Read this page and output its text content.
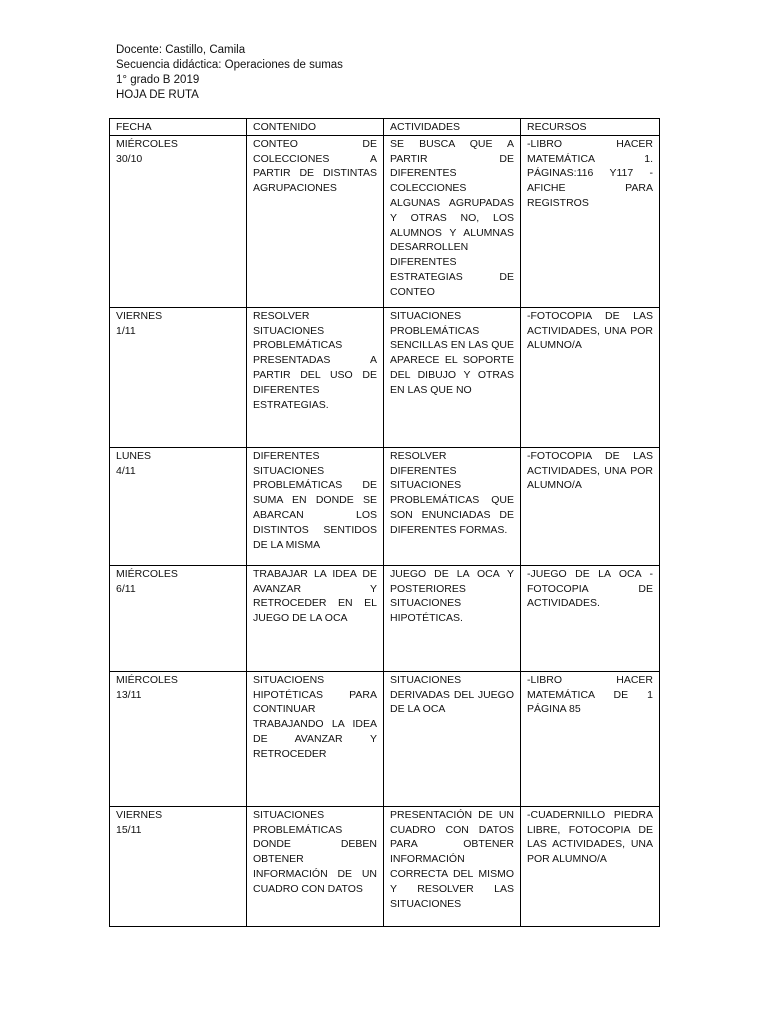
Docente: Castillo, Camila
Secuencia didáctica: Operaciones de sumas
1° grado B 2019
HOJA DE RUTA
FECHA	CONTENIDO	ACTIVIDADES	RECURSOS

MIÉRCOLES
30/10	CONTEO DE COLECCIONES A PARTIR DE DISTINTAS AGRUPACIONES	SE BUSCA QUE A PARTIR DE DIFERENTES COLECCIONES ALGUNAS AGRUPADAS Y OTRAS NO, LOS ALUMNOS Y ALUMNAS DESARROLLEN DIFERENTES ESTRATEGIAS DE CONTEO	-LIBRO HACER MATEMÁTICA 1. PÁGINAS:116 Y117 -AFICHE PARA REGISTROS

VIERNES
1/11	RESOLVER SITUACIONES PROBLEMÁTICAS PRESENTADAS A PARTIR DEL USO DE DIFERENTES ESTRATEGIAS.	SITUACIONES PROBLEMÁTICAS SENCILLAS EN LAS QUE APARECE EL SOPORTE DEL DIBUJO Y OTRAS EN LAS QUE NO	-FOTOCOPIA DE LAS ACTIVIDADES, UNA POR ALUMNO/A

LUNES
4/11	DIFERENTES SITUACIONES PROBLEMÁTICAS DE SUMA EN DONDE SE ABARCAN LOS DISTINTOS SENTIDOS DE LA MISMA	RESOLVER DIFERENTES SITUACIONES PROBLEMÁTICAS QUE SON ENUNCIADAS DE DIFERENTES FORMAS.	-FOTOCOPIA DE LAS ACTIVIDADES, UNA POR ALUMNO/A

MIÉRCOLES
6/11	TRABAJAR LA IDEA DE AVANZAR Y RETROCEDER EN EL JUEGO DE LA OCA	JUEGO DE LA OCA Y POSTERIORES SITUACIONES HIPOTÉTICAS.	-JUEGO DE LA OCA -FOTOCOPIA DE ACTIVIDADES.

MIÉRCOLES
13/11	SITUACIOENS HIPOTÉTICAS PARA CONTINUAR TRABAJANDO LA IDEA DE AVANZAR Y RETROCEDER	SITUACIONES DERIVADAS DEL JUEGO DE LA OCA	-LIBRO HACER MATEMÁTICA DE 1 PÁGINA 85

VIERNES
15/11	SITUACIONES PROBLEMÁTICAS DONDE DEBEN OBTENER INFORMACIÓN DE UN CUADRO CON DATOS	PRESENTACIÓN DE UN CUADRO CON DATOS PARA OBTENER INFORMACIÓN CORRECTA DEL MISMO Y RESOLVER LAS SITUACIONES	-CUADERNILLO PIEDRA LIBRE, FOTOCOPIA DE LAS ACTIVIDADES, UNA POR ALUMNO/A
